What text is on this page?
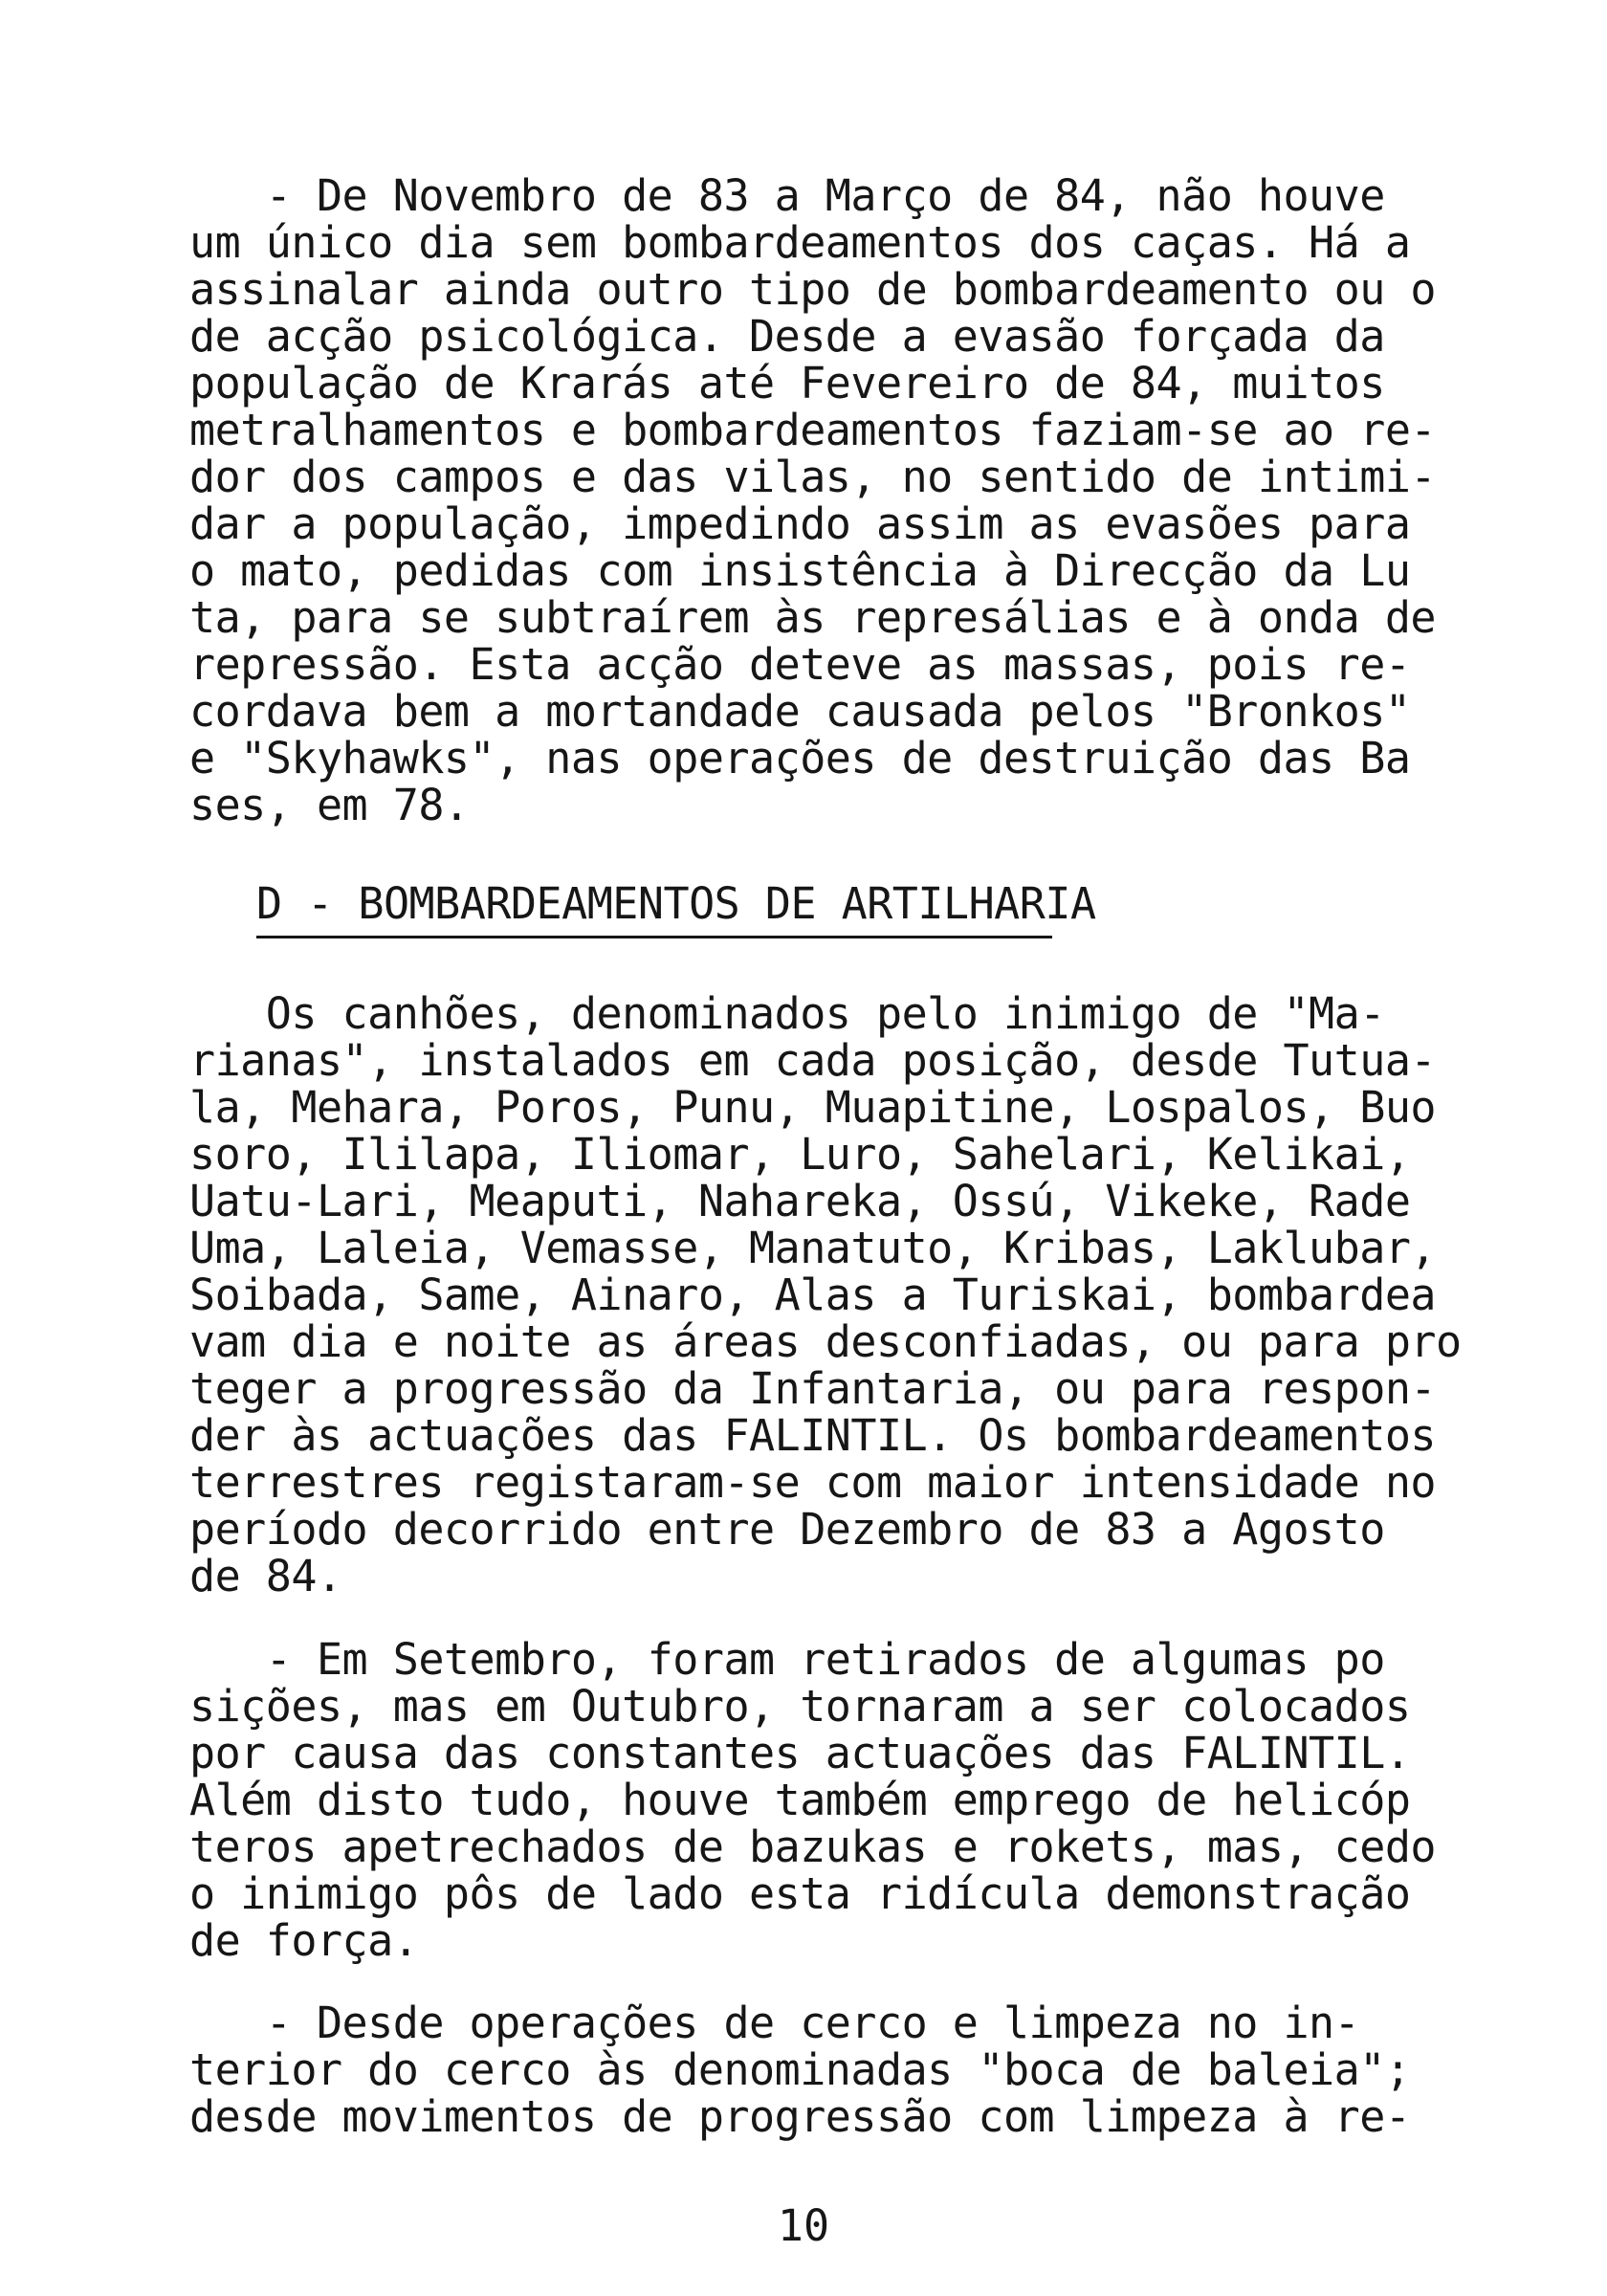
- De Novembro de 83 a Março de 84, não houve
um único dia sem bombardeamentos dos caças. Há a
assinalar ainda outro tipo de bombardeamento ou o
de acção psicológica. Desde a evasão forçada da
população de Krarás até Fevereiro de 84, muitos
metralhamentos e bombardeamentos faziam-se ao re-
dor dos campos e das vilas, no sentido de intimi-
dar a população, impedindo assim as evasões para
o mato, pedidas com insistência à Direcção da Lu
ta, para se subtraírem às represálias e à onda de
repressão. Esta acção deteve as massas, pois re-
cordava bem a mortandade causada pelos "Bronkos"
e "Skyhawks", nas operações de destruição das Ba
ses, em 78.
D - BOMBARDEAMENTOS DE ARTILHARIA
Os canhões, denominados pelo inimigo de "Ma-
rianas", instalados em cada posição, desde Tutua-
la, Mehara, Poros, Punu, Muapitine, Lospalos, Buo
soro, Ililapa, Iliomar, Luro, Sahelari, Kelikai,
Uatu-Lari, Meaputi, Nahareka, Ossú, Vikeke, Rade
Uma, Laleia, Vemasse, Manatuto, Kribas, Laklubar,
Soibada, Same, Ainaro, Alas a Turiskai, bombardea
vam dia e noite as áreas desconfiadas, ou para pro
teger a progressão da Infantaria, ou para respon-
der às actuações das FALINTIL. Os bombardeamentos
terrestres registaram-se com maior intensidade no
período decorrido entre Dezembro de 83 a Agosto
de 84.
- Em Setembro, foram retirados de algumas po
sições, mas em Outubro, tornaram a ser colocados
por causa das constantes actuações das FALINTIL.
Além disto tudo, houve também emprego de helicóp
teros apetrechados de bazukas e rokets, mas, cedo
o inimigo pôs de lado esta ridícula demonstração
de força.
- Desde operações de cerco e limpeza no in-
terior do cerco às denominadas "boca de baleia";
desde movimentos de progressão com limpeza à re-
10
